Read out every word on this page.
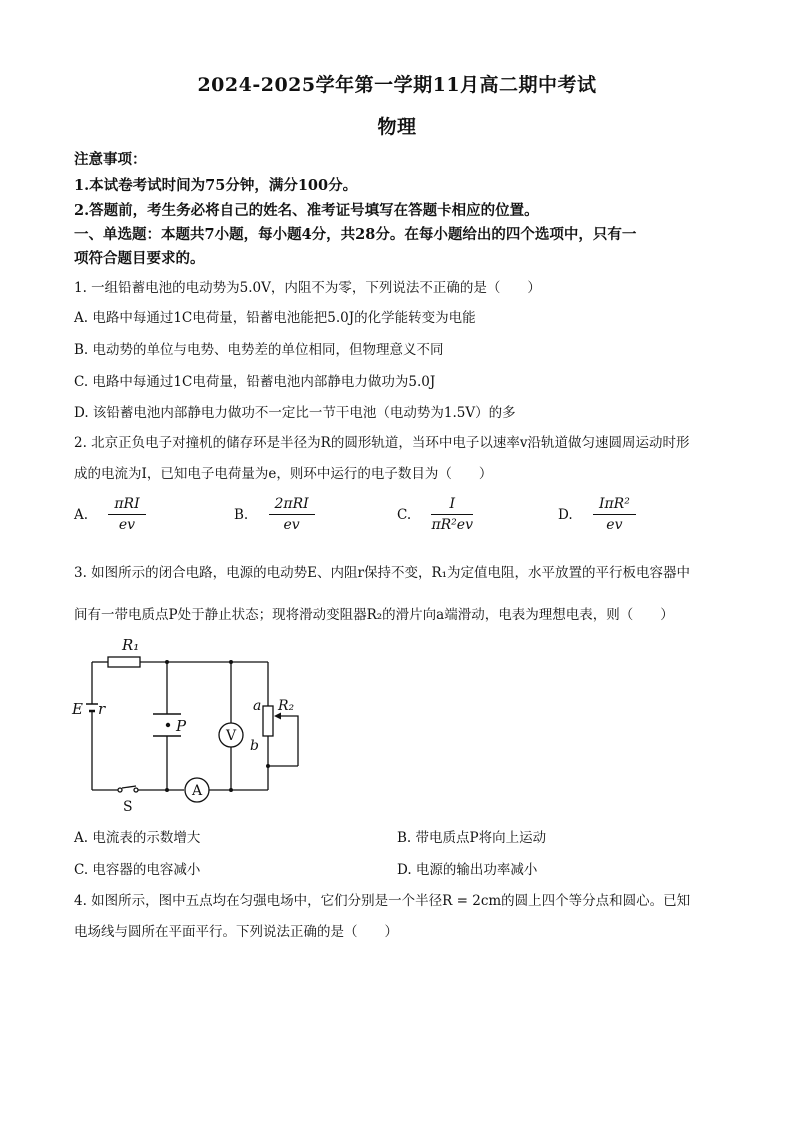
2024-2025学年第一学期11月高二期中考试
物理
注意事项：
1.本试卷考试时间为75分钟，满分100分。
2.答题前，考生务必将自己的姓名、准考证号填写在答题卡相应的位置。
一、单选题：本题共7小题，每小题4分，共28分。在每小题给出的四个选项中，只有一
项符合题目要求的。
1. 一组铅蓄电池的电动势为5.0V，内阻不为零，下列说法不正确的是（　　）
A. 电路中每通过1C电荷量，铅蓄电池能把5.0J的化学能转变为电能
B. 电动势的单位与电势、电势差的单位相同，但物理意义不同
C. 电路中每通过1C电荷量，铅蓄电池内部静电力做功为5.0J
D. 该铅蓄电池内部静电力做功不一定比一节干电池（电动势为1.5V）的多
2. 北京正负电子对撞机的储存环是半径为R的圆形轨道，当环中电子以速率v沿轨道做匀速圆周运动时形
成的电流为I，已知电子电荷量为e，则环中运行的电子数目为（　　）
A. $\frac{\text{πRI}}{ev}$	B. $\frac{\text{2πRI}}{ev}$	C. $\frac{I}{\text{πR²ev}}$	D. $\frac{\text{IπR²}}{ev}$
3. 如图所示的闭合电路，电源的电动势E、内阻r保持不变，R₁为定值电阻，水平放置的平行板电容器中
间有一带电质点P处于静止状态；现将滑动变阻器R₂的滑片向a端滑动，电表为理想电表，则（　　）
R₁
E r
P
a
b
R₂
V
A
S
A. 电流表的示数增大	B. 带电质点P将向上运动
C. 电容器的电容减小	D. 电源的输出功率减小
4. 如图所示，图中五点均在匀强电场中，它们分别是一个半径R = 2cm的圆上四个等分点和圆心。已知
电场线与圆所在平面平行。下列说法正确的是（　　）
